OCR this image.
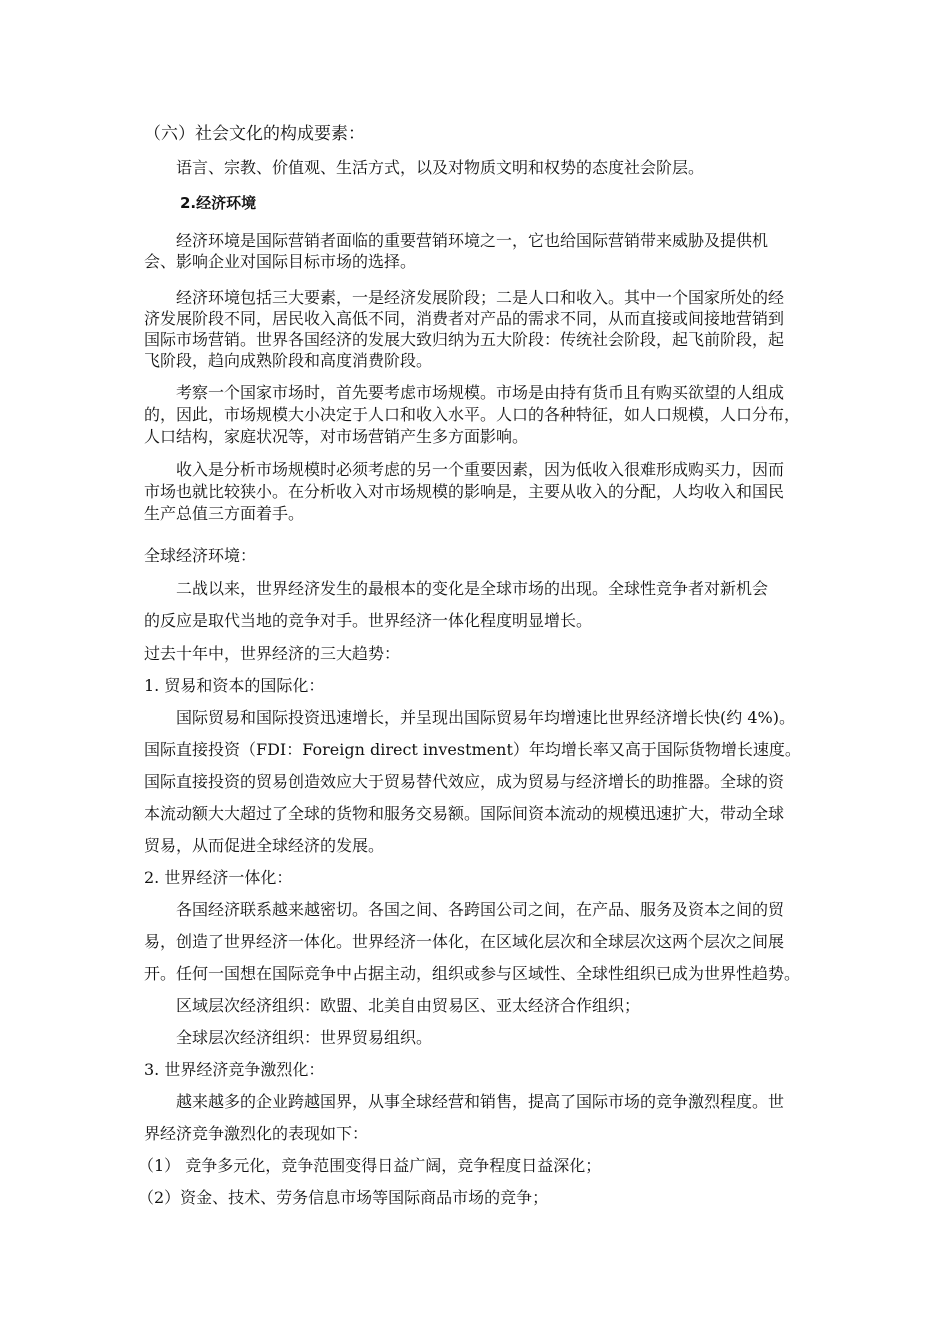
（六）社会文化的构成要素：
语言、宗教、价值观、生活方式，以及对物质文明和权势的态度社会阶层。
2.经济环境
经济环境是国际营销者面临的重要营销环境之一，它也给国际营销带来威胁及提供机
会、影响企业对国际目标市场的选择。
经济环境包括三大要素，一是经济发展阶段；二是人口和收入。其中一个国家所处的经
济发展阶段不同，居民收入高低不同，消费者对产品的需求不同，从而直接或间接地营销到
国际市场营销。世界各国经济的发展大致归纳为五大阶段：传统社会阶段，起飞前阶段，起
飞阶段，趋向成熟阶段和高度消费阶段。
考察一个国家市场时，首先要考虑市场规模。市场是由持有货币且有购买欲望的人组成
的，因此，市场规模大小决定于人口和收入水平。人口的各种特征，如人口规模，人口分布，
人口结构，家庭状况等，对市场营销产生多方面影响。
收入是分析市场规模时必须考虑的另一个重要因素，因为低收入很难形成购买力，因而
市场也就比较狭小。在分析收入对市场规模的影响是，主要从收入的分配，人均收入和国民
生产总值三方面着手。
全球经济环境：
二战以来，世界经济发生的最根本的变化是全球市场的出现。全球性竞争者对新机会
的反应是取代当地的竞争对手。世界经济一体化程度明显增长。
过去十年中，世界经济的三大趋势：
1. 贸易和资本的国际化：
国际贸易和国际投资迅速增长，并呈现出国际贸易年均增速比世界经济增长快(约 4%)。
国际直接投资（FDI：Foreign direct investment）年均增长率又高于国际货物增长速度。
国际直接投资的贸易创造效应大于贸易替代效应，成为贸易与经济增长的助推器。全球的资
本流动额大大超过了全球的货物和服务交易额。国际间资本流动的规模迅速扩大，带动全球
贸易，从而促进全球经济的发展。
2. 世界经济一体化：
各国经济联系越来越密切。各国之间、各跨国公司之间，在产品、服务及资本之间的贸
易，创造了世界经济一体化。世界经济一体化，在区域化层次和全球层次这两个层次之间展
开。任何一国想在国际竞争中占据主动，组织或参与区域性、全球性组织已成为世界性趋势。
区域层次经济组织：欧盟、北美自由贸易区、亚太经济合作组织；
全球层次经济组织：世界贸易组织。
3. 世界经济竞争激烈化：
越来越多的企业跨越国界，从事全球经营和销售，提高了国际市场的竞争激烈程度。世
界经济竞争激烈化的表现如下：
（1） 竞争多元化，竞争范围变得日益广阔，竞争程度日益深化；
（2）资金、技术、劳务信息市场等国际商品市场的竞争；
